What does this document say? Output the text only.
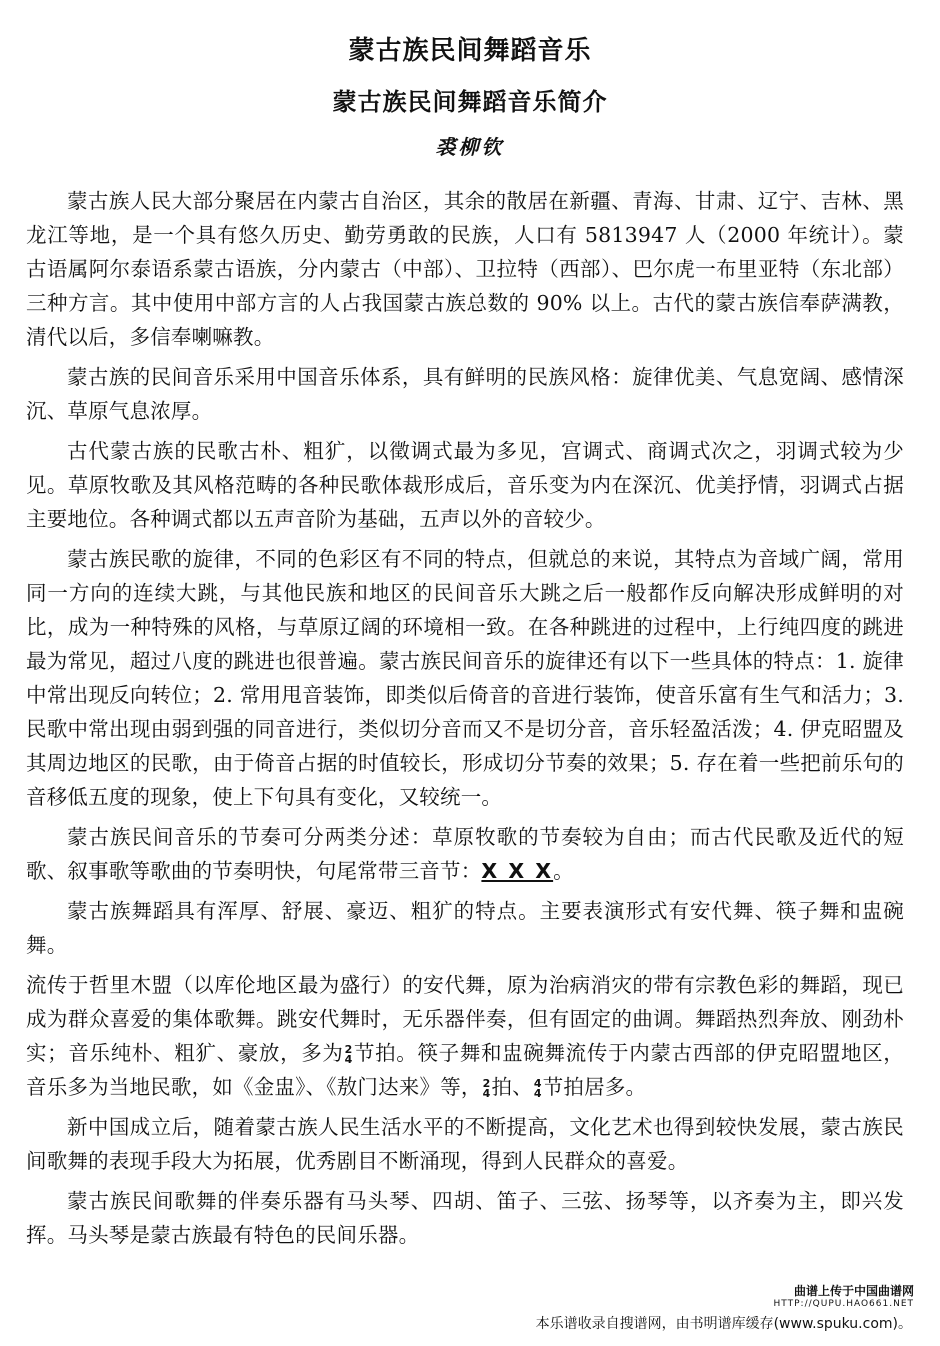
蒙古族民间舞蹈音乐
蒙古族民间舞蹈音乐简介
裘柳钦

蒙古族人民大部分聚居在内蒙古自治区，其余的散居在新疆、青海、甘肃、辽宁、吉林、黑龙江等地，是一个具有悠久历史、勤劳勇敢的民族，人口有 5813947 人（2000 年统计）。蒙古语属阿尔泰语系蒙古语族，分内蒙古（中部）、卫拉特（西部）、巴尔虎一布里亚特（东北部）三种方言。其中使用中部方言的人占我国蒙古族总数的 90% 以上。古代的蒙古族信奉萨满教，清代以后，多信奉喇嘛教。

蒙古族的民间音乐采用中国音乐体系，具有鲜明的民族风格：旋律优美、气息宽阔、感情深沉、草原气息浓厚。

古代蒙古族的民歌古朴、粗犷，以徵调式最为多见，宫调式、商调式次之，羽调式较为少见。草原牧歌及其风格范畴的各种民歌体裁形成后，音乐变为内在深沉、优美抒情，羽调式占据主要地位。各种调式都以五声音阶为基础，五声以外的音较少。

蒙古族民歌的旋律，不同的色彩区有不同的特点，但就总的来说，其特点为音域广阔，常用同一方向的连续大跳，与其他民族和地区的民间音乐大跳之后一般都作反向解决形成鲜明的对比，成为一种特殊的风格，与草原辽阔的环境相一致。在各种跳进的过程中，上行纯四度的跳进最为常见，超过八度的跳进也很普遍。蒙古族民间音乐的旋律还有以下一些具体的特点：1. 旋律中常出现反向转位；2. 常用甩音装饰，即类似后倚音的音进行装饰，使音乐富有生气和活力；3. 民歌中常出现由弱到强的同音进行，类似切分音而又不是切分音，音乐轻盈活泼；4. 伊克昭盟及其周边地区的民歌，由于倚音占据的时值较长，形成切分节奏的效果；5. 存在着一些把前乐句的音移低五度的现象，使上下句具有变化，又较统一。

蒙古族民间音乐的节奏可分两类分述：草原牧歌的节奏较为自由；而古代民歌及近代的短歌、叙事歌等歌曲的节奏明快，句尾常带三音节：X X X。

蒙古族舞蹈具有浑厚、舒展、豪迈、粗犷的特点。主要表演形式有安代舞、筷子舞和盅碗舞。

流传于哲里木盟（以库伦地区最为盛行）的安代舞，原为治病消灾的带有宗教色彩的舞蹈，现已成为群众喜爱的集体歌舞。跳安代舞时，无乐器伴奏，但有固定的曲调。舞蹈热烈奔放、刚劲朴实；音乐纯朴、粗犷、豪放，多为 2
4 节拍。筷子舞和盅碗舞流传于内蒙古西部的伊克昭盟地区，音乐多为当地民歌，如《金盅》、《敖门达来》等， 2
4 拍、 4
4 节拍居多。

新中国成立后，随着蒙古族人民生活水平的不断提高，文化艺术也得到较快发展，蒙古族民间歌舞的表现手段大为拓展，优秀剧目不断涌现，得到人民群众的喜爱。

蒙古族民间歌舞的伴奏乐器有马头琴、四胡、笛子、三弦、扬琴等，以齐奏为主，即兴发挥。马头琴是蒙古族最有特色的民间乐器。

曲谱上传于中国曲谱网
HTTP://QUPU.HAO661.NET
本乐谱收录自搜谱网，由书明谱库缓存(www.spuku.com)。
